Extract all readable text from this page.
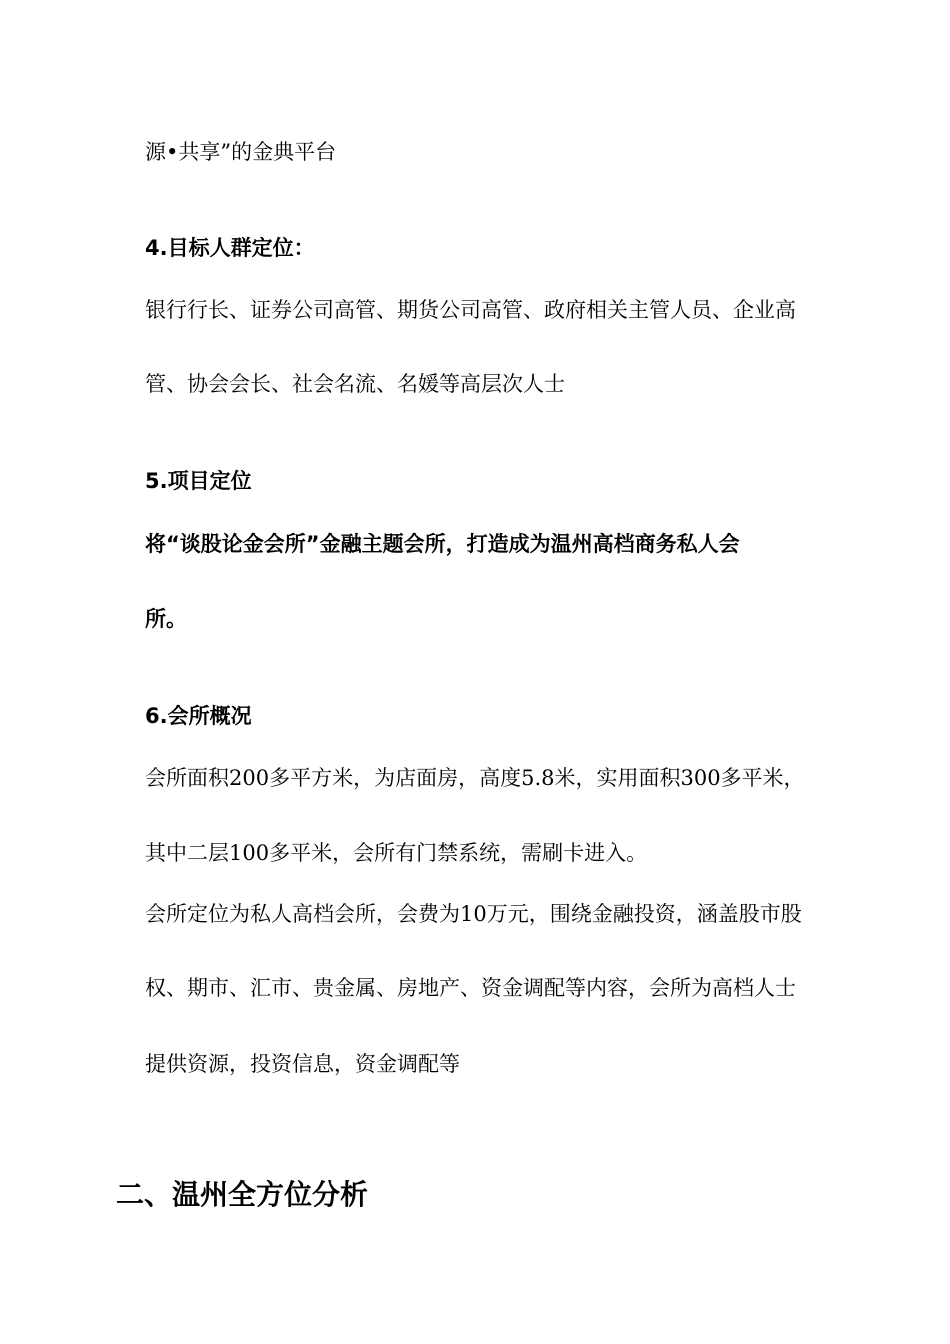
源•共享”的金典平台
4.目标人群定位：
银行行长、证券公司高管、期货公司高管、政府相关主管人员、企业高
管、协会会长、社会名流、名媛等高层次人士
5.项目定位
将“谈股论金会所”金融主题会所，打造成为温州高档商务私人会
所。
6.会所概况
会所面积200多平方米，为店面房，高度5.8米，实用面积300多平米，
其中二层100多平米，会所有门禁系统，需刷卡进入。
会所定位为私人高档会所，会费为10万元，围绕金融投资，涵盖股市股
权、期市、汇市、贵金属、房地产、资金调配等内容，会所为高档人士
提供资源，投资信息，资金调配等
二、温州全方位分析
